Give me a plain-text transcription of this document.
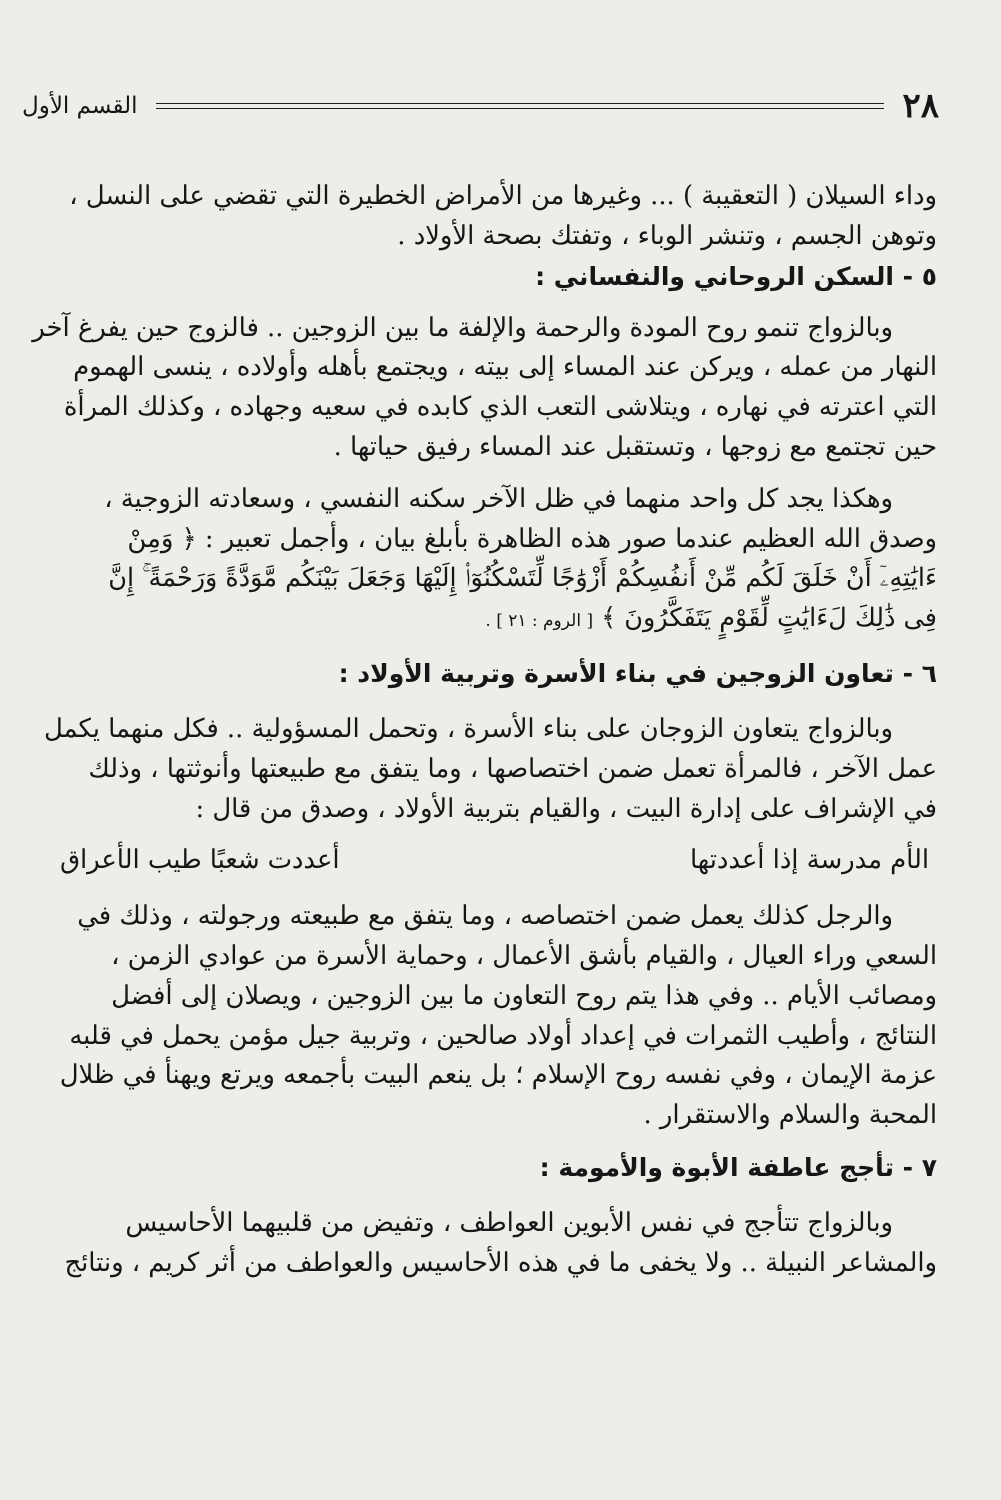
٢٨
القسم الأول

وداء السيلان ( التعقيبة ) ... وغيرها من الأمراض الخطيرة التي تقضي على النسل ،

وتوهن الجسم ، وتنشر الوباء ، وتفتك بصحة الأولاد .

٥ - السكن الروحاني والنفساني :

وبالزواج تنمو روح المودة والرحمة والإلفة ما بين الزوجين .. فالزوج حين يفرغ آخر

النهار من عمله ، ويركن عند المساء إلى بيته ، ويجتمع بأهله وأولاده ، ينسى الهموم

التي اعترته في نهاره ، ويتلاشى التعب الذي كابده في سعيه وجهاده ، وكذلك المرأة

حين تجتمع مع زوجها ، وتستقبل عند المساء رفيق حياتها .

وهكذا يجد كل واحد منهما في ظل الآخر سكنه النفسي ، وسعادته الزوجية ،

وصدق الله العظيم عندما صور هذه الظاهرة بأبلغ بيان ، وأجمل تعبير : ﴿ وَمِنْ

ءَايَٰتِهِۦٓ أَنْ خَلَقَ لَكُم مِّنْ أَنفُسِكُمْ أَزْوَٰجًا لِّتَسْكُنُوٓا۟ إِلَيْهَا وَجَعَلَ بَيْنَكُم مَّوَدَّةً وَرَحْمَةً ۚ إِنَّ

فِى ذَٰلِكَ لَءَايَٰتٍ لِّقَوْمٍ يَتَفَكَّرُونَ ﴾ [ الروم : ٢١ ] .

٦ - تعاون الزوجين في بناء الأسرة وتربية الأولاد :

وبالزواج يتعاون الزوجان على بناء الأسرة ، وتحمل المسؤولية .. فكل منهما يكمل

عمل الآخر ، فالمرأة تعمل ضمن اختصاصها ، وما يتفق مع طبيعتها وأنوثتها ، وذلك

في الإشراف على إدارة البيت ، والقيام بتربية الأولاد ، وصدق من قال :

الأم مدرسة إذا أعددتها
أعددت شعبًا طيب الأعراق

والرجل كذلك يعمل ضمن اختصاصه ، وما يتفق مع طبيعته ورجولته ، وذلك في

السعي وراء العيال ، والقيام بأشق الأعمال ، وحماية الأسرة من عوادي الزمن ،

ومصائب الأيام .. وفي هذا يتم روح التعاون ما بين الزوجين ، ويصلان إلى أفضل

النتائج ، وأطيب الثمرات في إعداد أولاد صالحين ، وتربية جيل مؤمن يحمل في قلبه

عزمة الإيمان ، وفي نفسه روح الإسلام ؛ بل ينعم البيت بأجمعه ويرتع ويهنأ في ظلال

المحبة والسلام والاستقرار .

٧ - تأجج عاطفة الأبوة والأمومة :

وبالزواج تتأجج في نفس الأبوين العواطف ، وتفيض من قلبيهما الأحاسيس

والمشاعر النبيلة .. ولا يخفى ما في هذه الأحاسيس والعواطف من أثر كريم ، ونتائج
